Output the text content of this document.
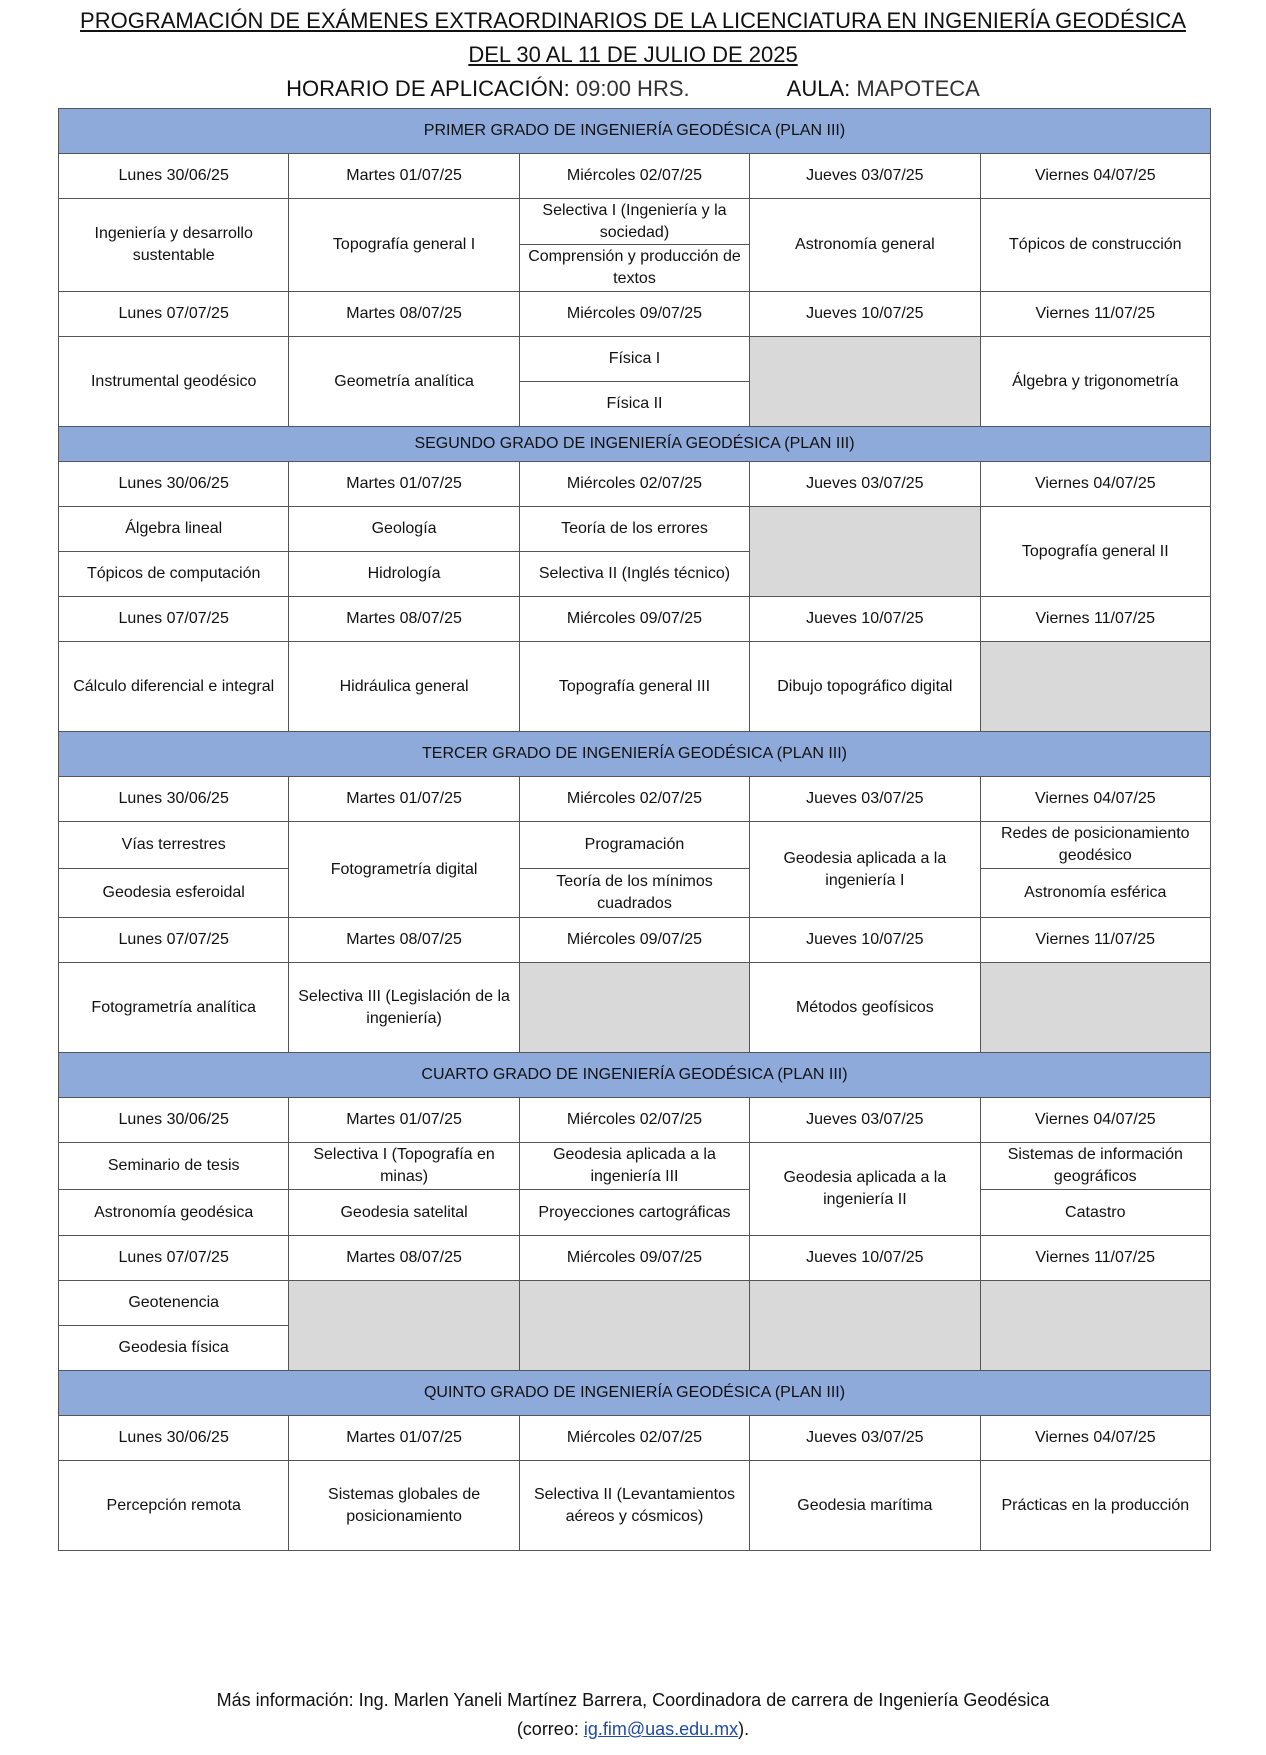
PROGRAMACIÓN DE EXÁMENES EXTRAORDINARIOS DE LA LICENCIATURA EN INGENIERÍA GEODÉSICA
DEL 30 AL 11 DE JULIO DE 2025
HORARIO DE APLICACIÓN: 09:00 HRS.	AULA: MAPOTECA
PRIMER GRADO DE INGENIERÍA GEODÉSICA (PLAN III)				
Lunes 30/06/25	Martes 01/07/25	Miércoles 02/07/25	Jueves 03/07/25	Viernes 04/07/25
Ingeniería y desarrollo sustentable	Topografía general I	Selectiva I (Ingeniería y la sociedad)	Astronomía general	Tópicos de construcción
		Comprensión y producción de textos		
Lunes 07/07/25	Martes 08/07/25	Miércoles 09/07/25	Jueves 10/07/25	Viernes 11/07/25
Instrumental geodésico	Geometría analítica	Física I		Álgebra y trigonometría
		Física II		
SEGUNDO GRADO DE INGENIERÍA GEODÉSICA (PLAN III)				
Lunes 30/06/25	Martes 01/07/25	Miércoles 02/07/25	Jueves 03/07/25	Viernes 04/07/25
Álgebra lineal	Geología	Teoría de los errores		Topografía general II
Tópicos de computación	Hidrología	Selectiva II (Inglés técnico)		
Lunes 07/07/25	Martes 08/07/25	Miércoles 09/07/25	Jueves 10/07/25	Viernes 11/07/25
Cálculo diferencial e integral	Hidráulica general	Topografía general III	Dibujo topográfico digital	
TERCER GRADO DE INGENIERÍA GEODÉSICA (PLAN III)				
Lunes 30/06/25	Martes 01/07/25	Miércoles 02/07/25	Jueves 03/07/25	Viernes 04/07/25
Vías terrestres	Fotogrametría digital	Programación	Geodesia aplicada a la ingeniería I	Redes de posicionamiento geodésico
Geodesia esferoidal		Teoría de los mínimos cuadrados		Astronomía esférica
Lunes 07/07/25	Martes 08/07/25	Miércoles 09/07/25	Jueves 10/07/25	Viernes 11/07/25
Fotogrametría analítica	Selectiva III (Legislación de la ingeniería)		Métodos geofísicos	
CUARTO GRADO DE INGENIERÍA GEODÉSICA (PLAN III)				
Lunes 30/06/25	Martes 01/07/25	Miércoles 02/07/25	Jueves 03/07/25	Viernes 04/07/25
Seminario de tesis	Selectiva I (Topografía en minas)	Geodesia aplicada a la ingeniería III	Geodesia aplicada a la ingeniería II	Sistemas de información geográficos
Astronomía geodésica	Geodesia satelital	Proyecciones cartográficas		Catastro
Lunes 07/07/25	Martes 08/07/25	Miércoles 09/07/25	Jueves 10/07/25	Viernes 11/07/25
Geotenencia				
Geodesia física				
QUINTO GRADO DE INGENIERÍA GEODÉSICA (PLAN III)				
Lunes 30/06/25	Martes 01/07/25	Miércoles 02/07/25	Jueves 03/07/25	Viernes 04/07/25
Percepción remota	Sistemas globales de posicionamiento	Selectiva II (Levantamientos aéreos y cósmicos)	Geodesia marítima	Prácticas en la producción
Más información: Ing. Marlen Yaneli Martínez Barrera, Coordinadora de carrera de Ingeniería Geodésica
(correo: ig.fim@uas.edu.mx).
